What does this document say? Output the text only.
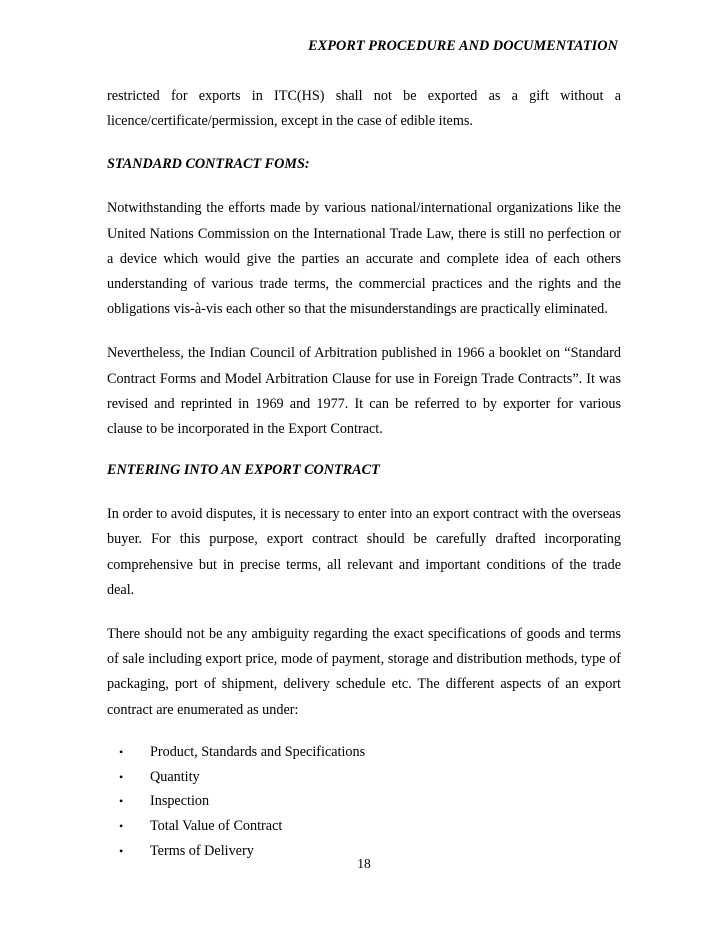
EXPORT PROCEDURE AND DOCUMENTATION

restricted for exports in ITC(HS) shall not be exported as a gift without a licence/certificate/permission, except in the case of edible items.

STANDARD CONTRACT FOMS:

Notwithstanding the efforts made by various national/international organizations like the United Nations Commission on the International Trade Law, there is still no perfection or a device which would give the parties an accurate and complete idea of each others understanding of various trade terms, the commercial practices and the rights and the obligations vis-à-vis each other so that the misunderstandings are practically eliminated.

Nevertheless, the Indian Council of Arbitration published in 1966 a booklet on “Standard Contract Forms and Model Arbitration Clause for use in Foreign Trade Contracts”. It was revised and reprinted in 1969 and 1977. It can be referred to by exporter for various clause to be incorporated in the Export Contract.

ENTERING INTO AN EXPORT CONTRACT

In order to avoid disputes, it is necessary to enter into an export contract with the overseas buyer. For this purpose, export contract should be carefully drafted incorporating comprehensive but in precise terms, all relevant and important conditions of the trade deal.

There should not be any ambiguity regarding the exact specifications of goods and terms of sale including export price, mode of payment, storage and distribution methods, type of packaging, port of shipment, delivery schedule etc. The different aspects of an export contract are enumerated as under:

• Product, Standards and Specifications
• Quantity
• Inspection
• Total Value of Contract
• Terms of Delivery
18
